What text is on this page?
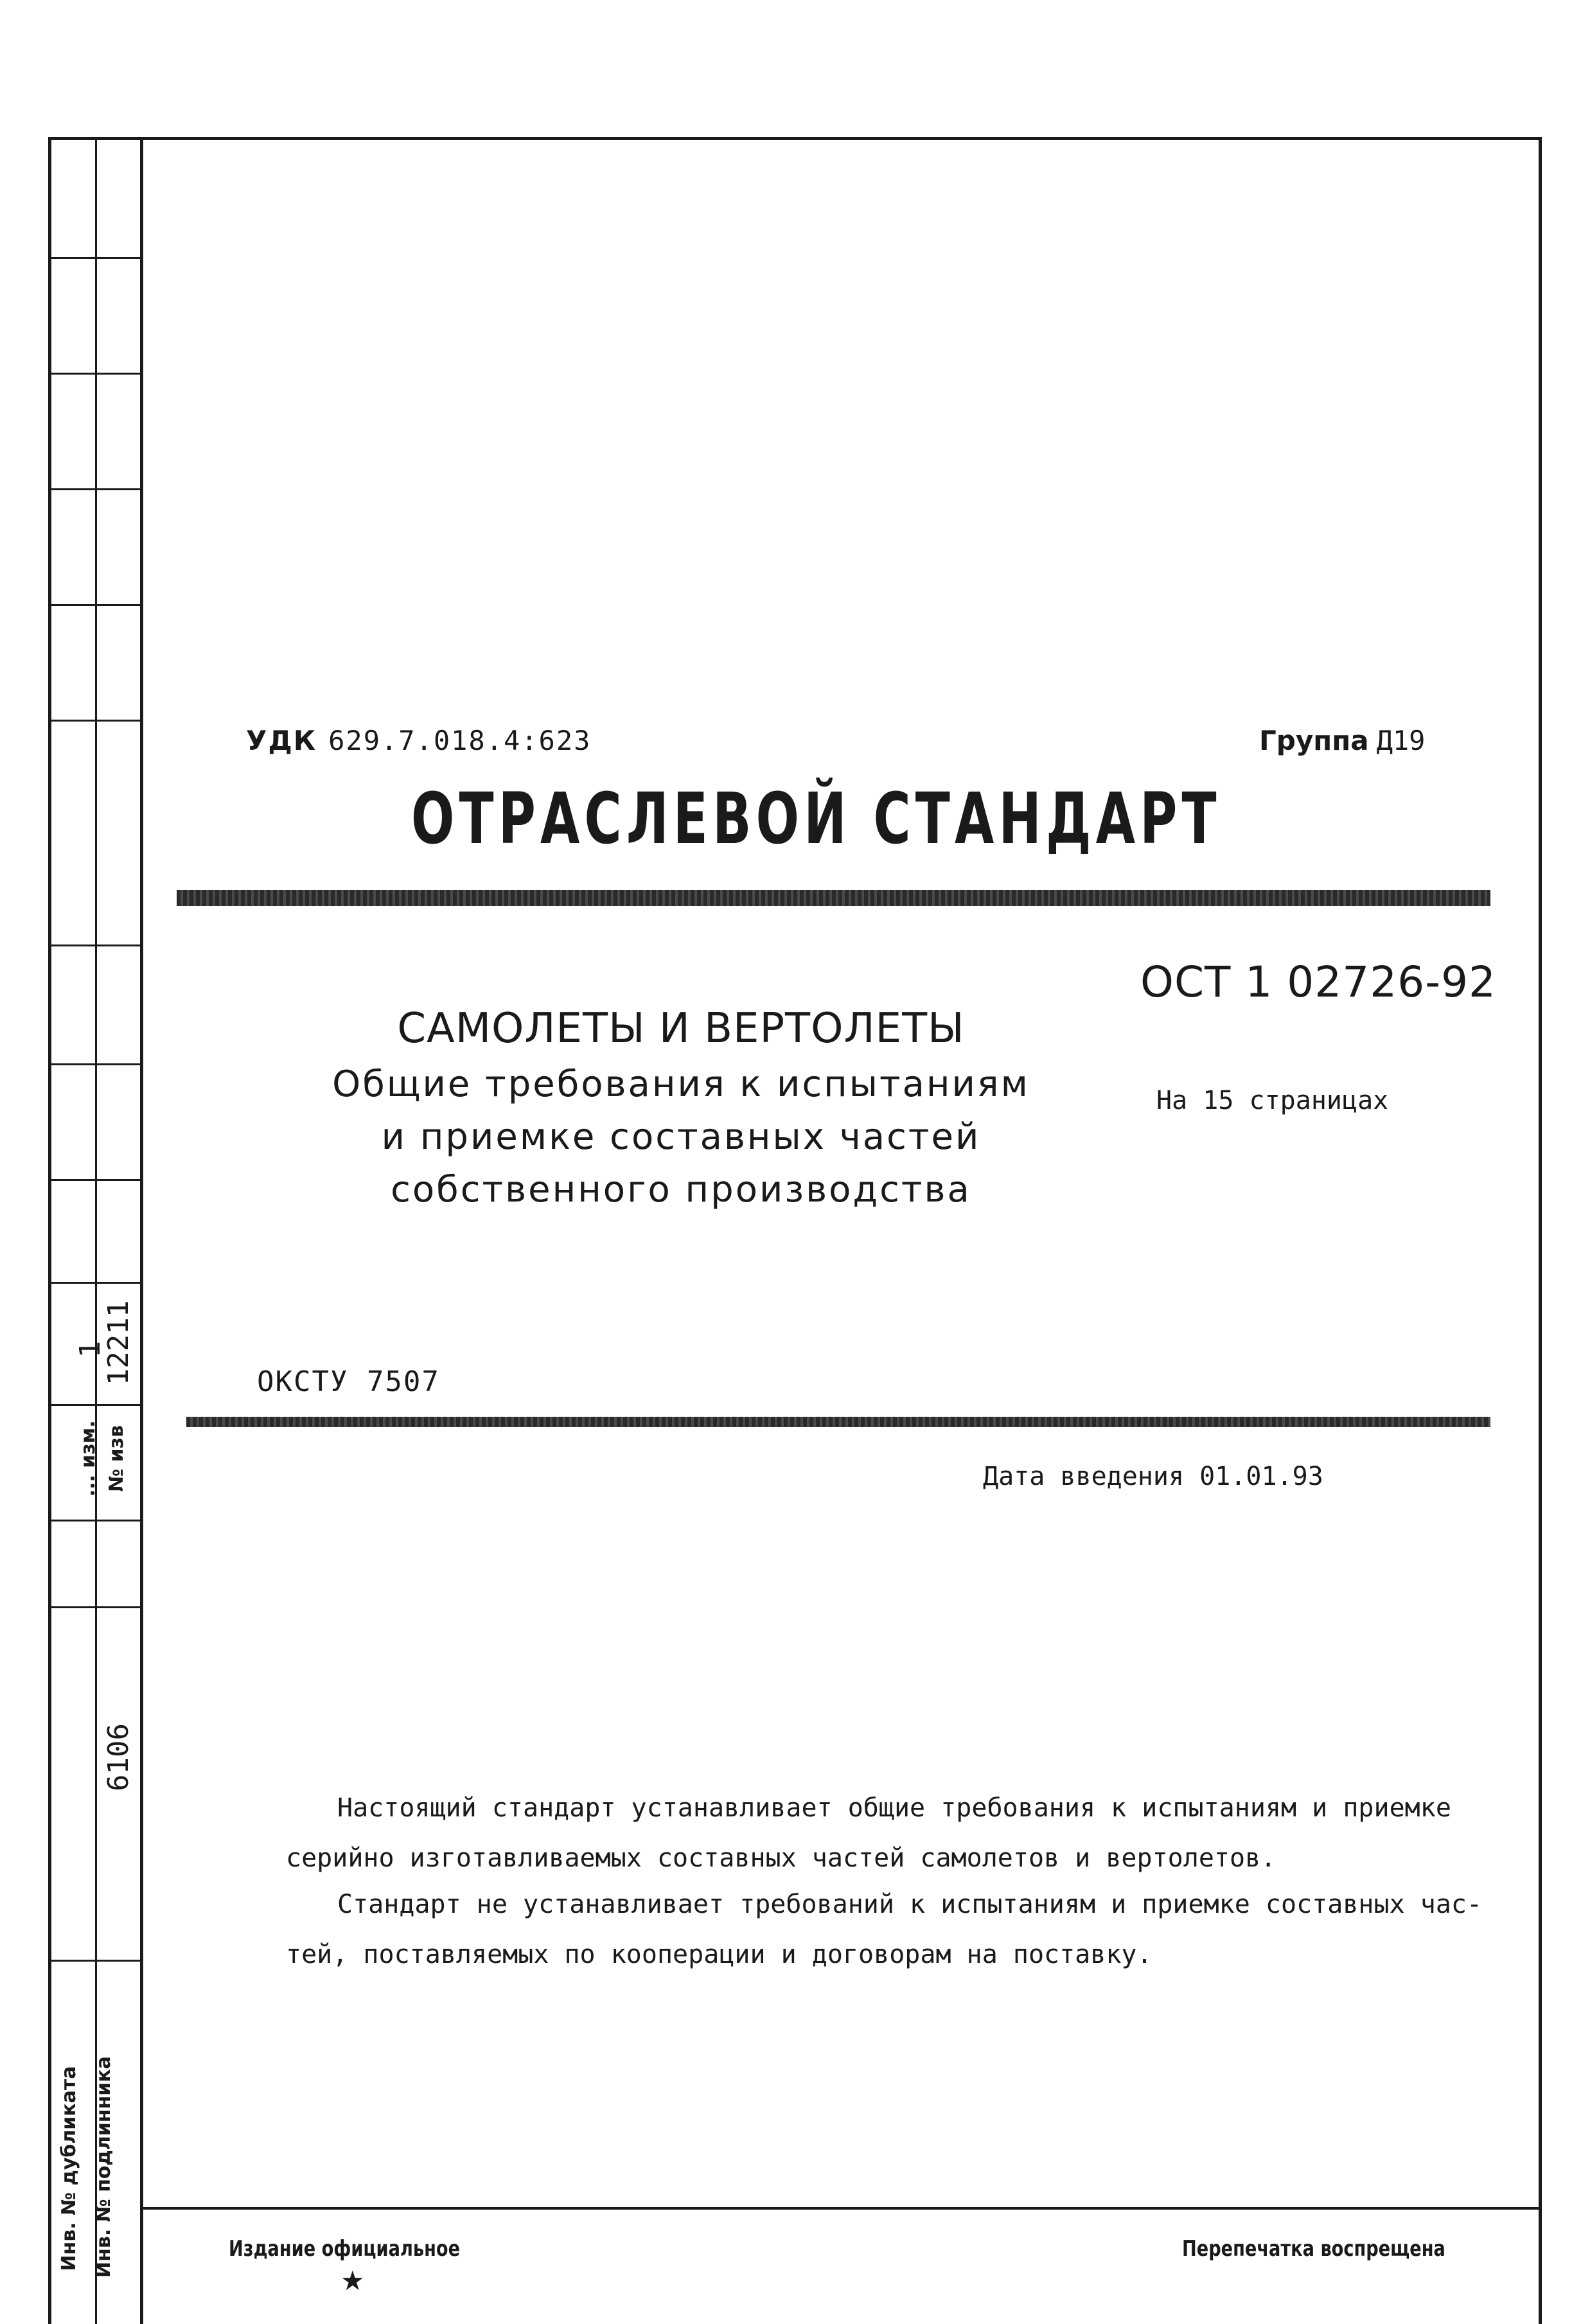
1
12211
... изм. № изв
6106
Инв. № дубликата Инв. № подлинника
УДК 629.7.018.4:623	Группа Д19
ОТРАСЛЕВОЙ СТАНДАРТ
ОСТ 1 02726-92
На 15 страницах
САМОЛЕТЫ И ВЕРТОЛЕТЫ
Общие требования к испытаниям
и приемке составных частей
собственного производства
ОКСТУ 7507
Дата введения 01.01.93
Настоящий стандарт устанавливает общие требования к испытаниям и приемке
серийно изготавливаемых составных частей самолетов и вертолетов.
Стандарт не устанавливает требований к испытаниям и приемке составных час-
тей, поставляемых по кооперации и договорам на поставку.
Издание официальное
★
Перепечатка воспрещена
